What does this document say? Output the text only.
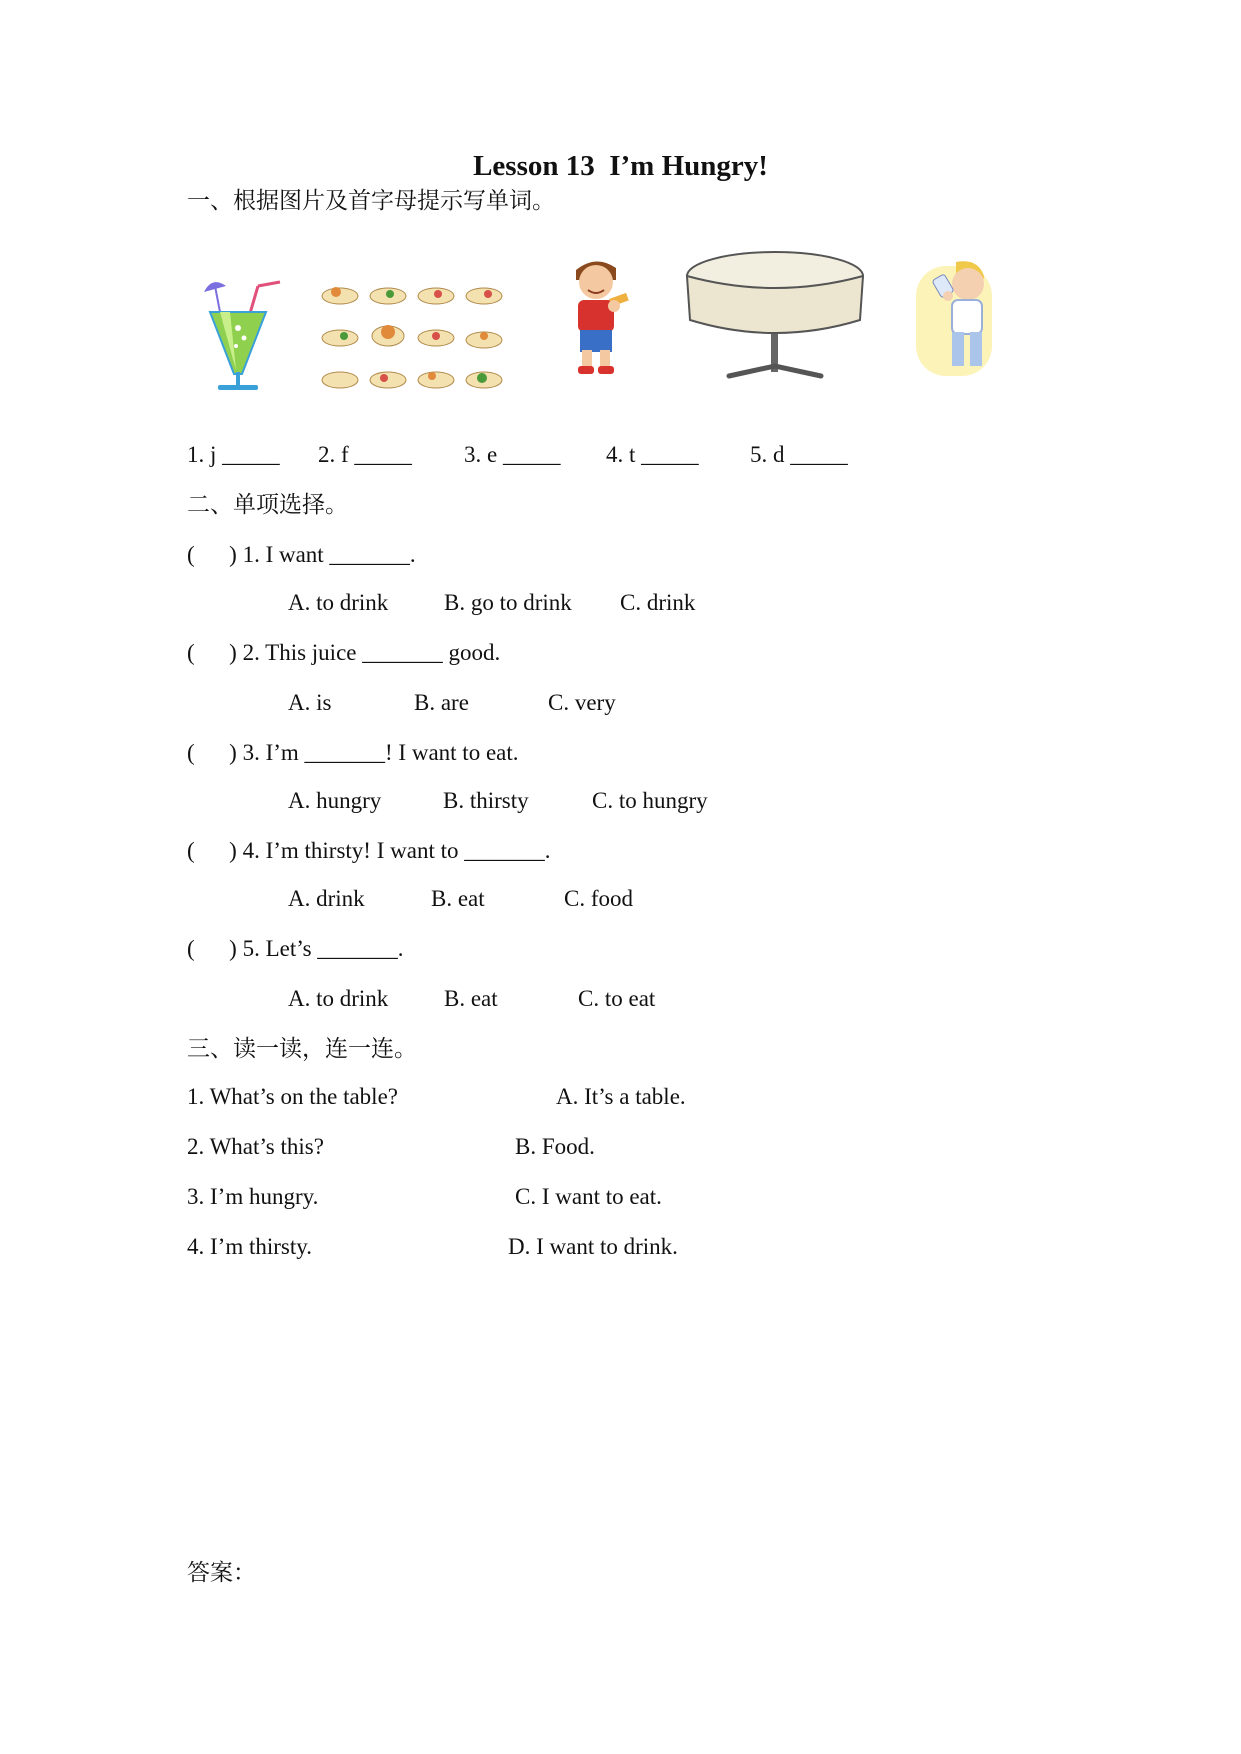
Lesson 13  I’m Hungry!
一、根据图片及首字母提示写单词。
1. j _____ 2. f _____ 3. e _____ 4. t _____ 5. d _____
二、单项选择。
(      ) 1. I want _______.
A. to drink B. go to drink C. drink
(      ) 2. This juice _______ good.
A. is	B. are	C. very
(      ) 3. I’m _______! I want to eat.
A. hungry	B. thirsty	C. to hungry
(      ) 4. I’m thirsty! I want to _______.
A. drink	B. eat	C. food
(      ) 5. Let’s _______.
A. to drink B. eat	C. to eat
三、读一读，连一连。
1. What’s on the table?	A. It’s a table.
2. What’s this?	B. Food.
3. I’m hungry.	C. I want to eat.
4. I’m thirsty.	D. I want to drink.
答案：
